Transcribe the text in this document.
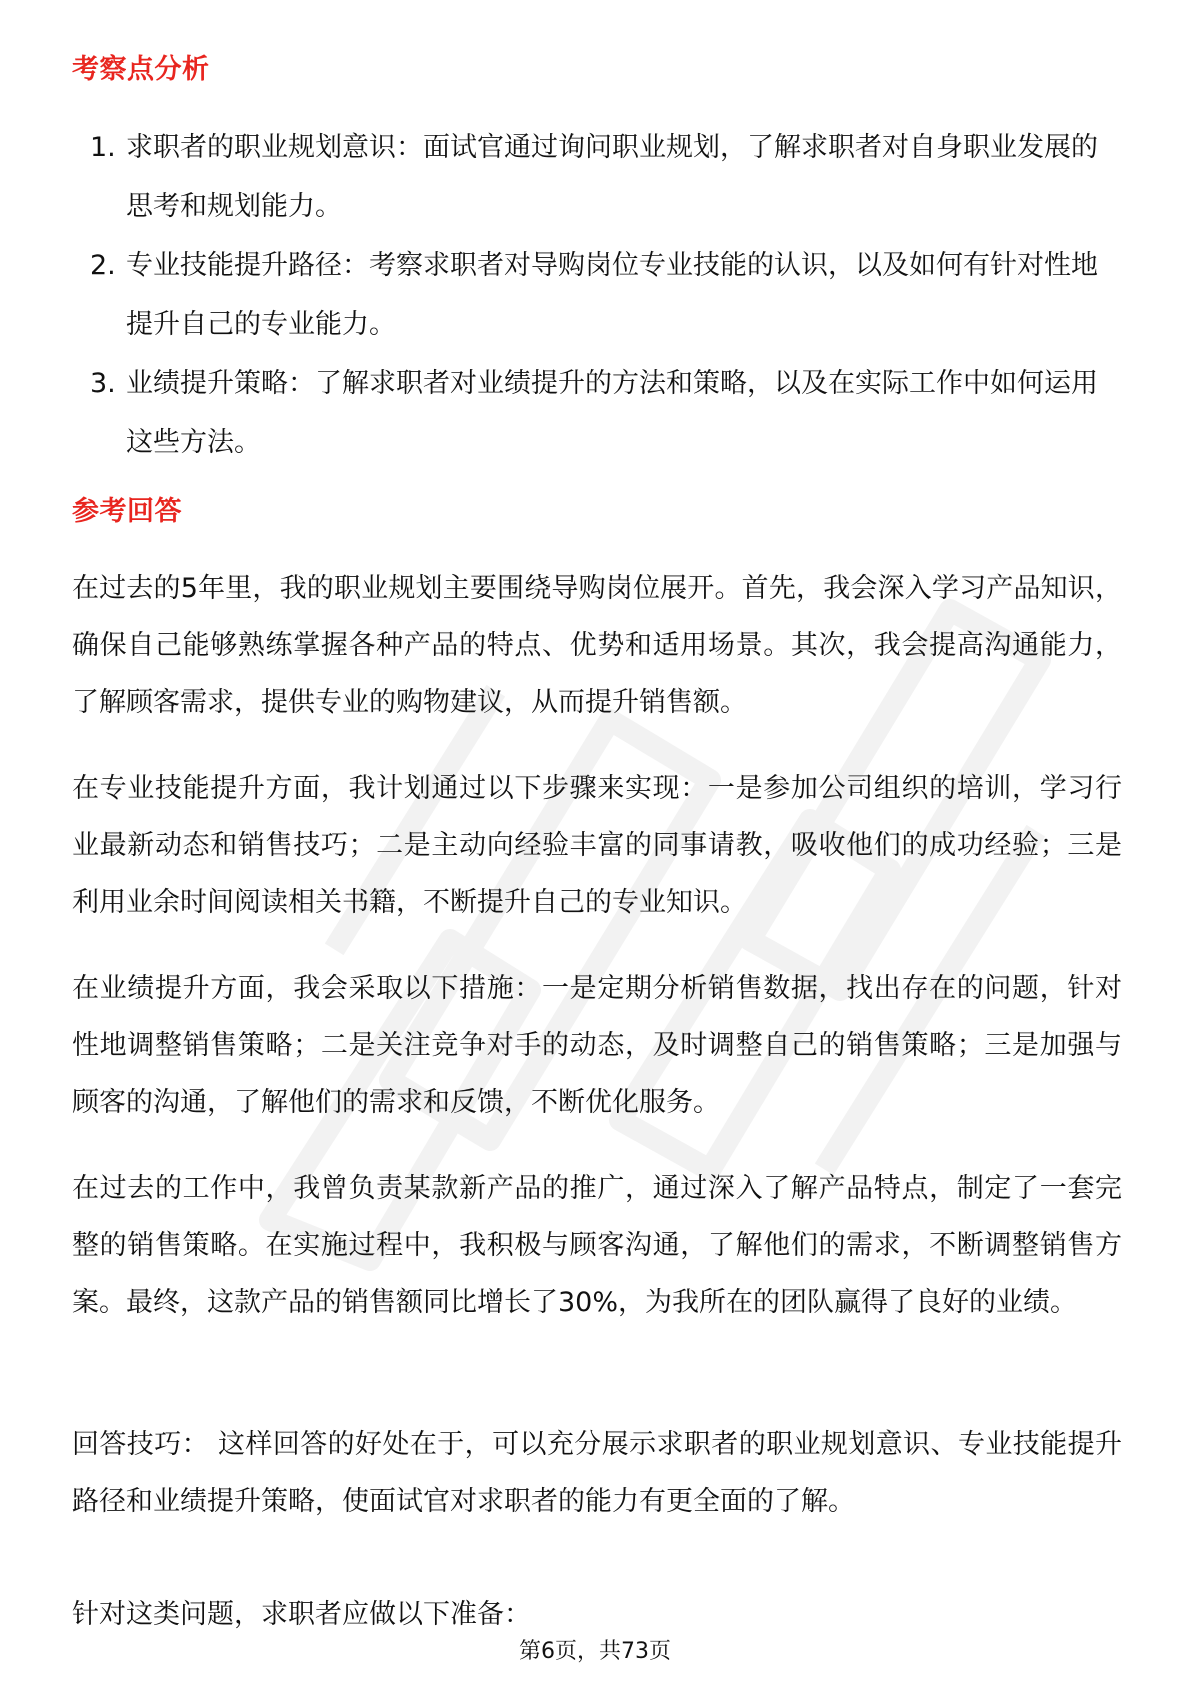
考察点分析
1. 求职者的职业规划意识：面试官通过询问职业规划，了解求职者对自身职业发展的思考和规划能力。
2. 专业技能提升路径：考察求职者对导购岗位专业技能的认识，以及如何有针对性地提升自己的专业能力。
3. 业绩提升策略：了解求职者对业绩提升的方法和策略，以及在实际工作中如何运用这些方法。
参考回答

在过去的5年里，我的职业规划主要围绕导购岗位展开。首先，我会深入学习产品知识，确保自己能够熟练掌握各种产品的特点、优势和适用场景。其次，我会提高沟通能力，了解顾客需求，提供专业的购物建议，从而提升销售额。

在专业技能提升方面，我计划通过以下步骤来实现：一是参加公司组织的培训，学习行业最新动态和销售技巧；二是主动向经验丰富的同事请教，吸收他们的成功经验；三是利用业余时间阅读相关书籍，不断提升自己的专业知识。

在业绩提升方面，我会采取以下措施：一是定期分析销售数据，找出存在的问题，针对性地调整销售策略；二是关注竞争对手的动态，及时调整自己的销售策略；三是加强与顾客的沟通，了解他们的需求和反馈，不断优化服务。

在过去的工作中，我曾负责某款新产品的推广，通过深入了解产品特点，制定了一套完整的销售策略。在实施过程中，我积极与顾客沟通，了解他们的需求，不断调整销售方案。最终，这款产品的销售额同比增长了30%，为我所在的团队赢得了良好的业绩。

回答技巧： 这样回答的好处在于，可以充分展示求职者的职业规划意识、专业技能提升路径和业绩提升策略，使面试官对求职者的能力有更全面的了解。

针对这类问题，求职者应做以下准备：

第6页，共73页
